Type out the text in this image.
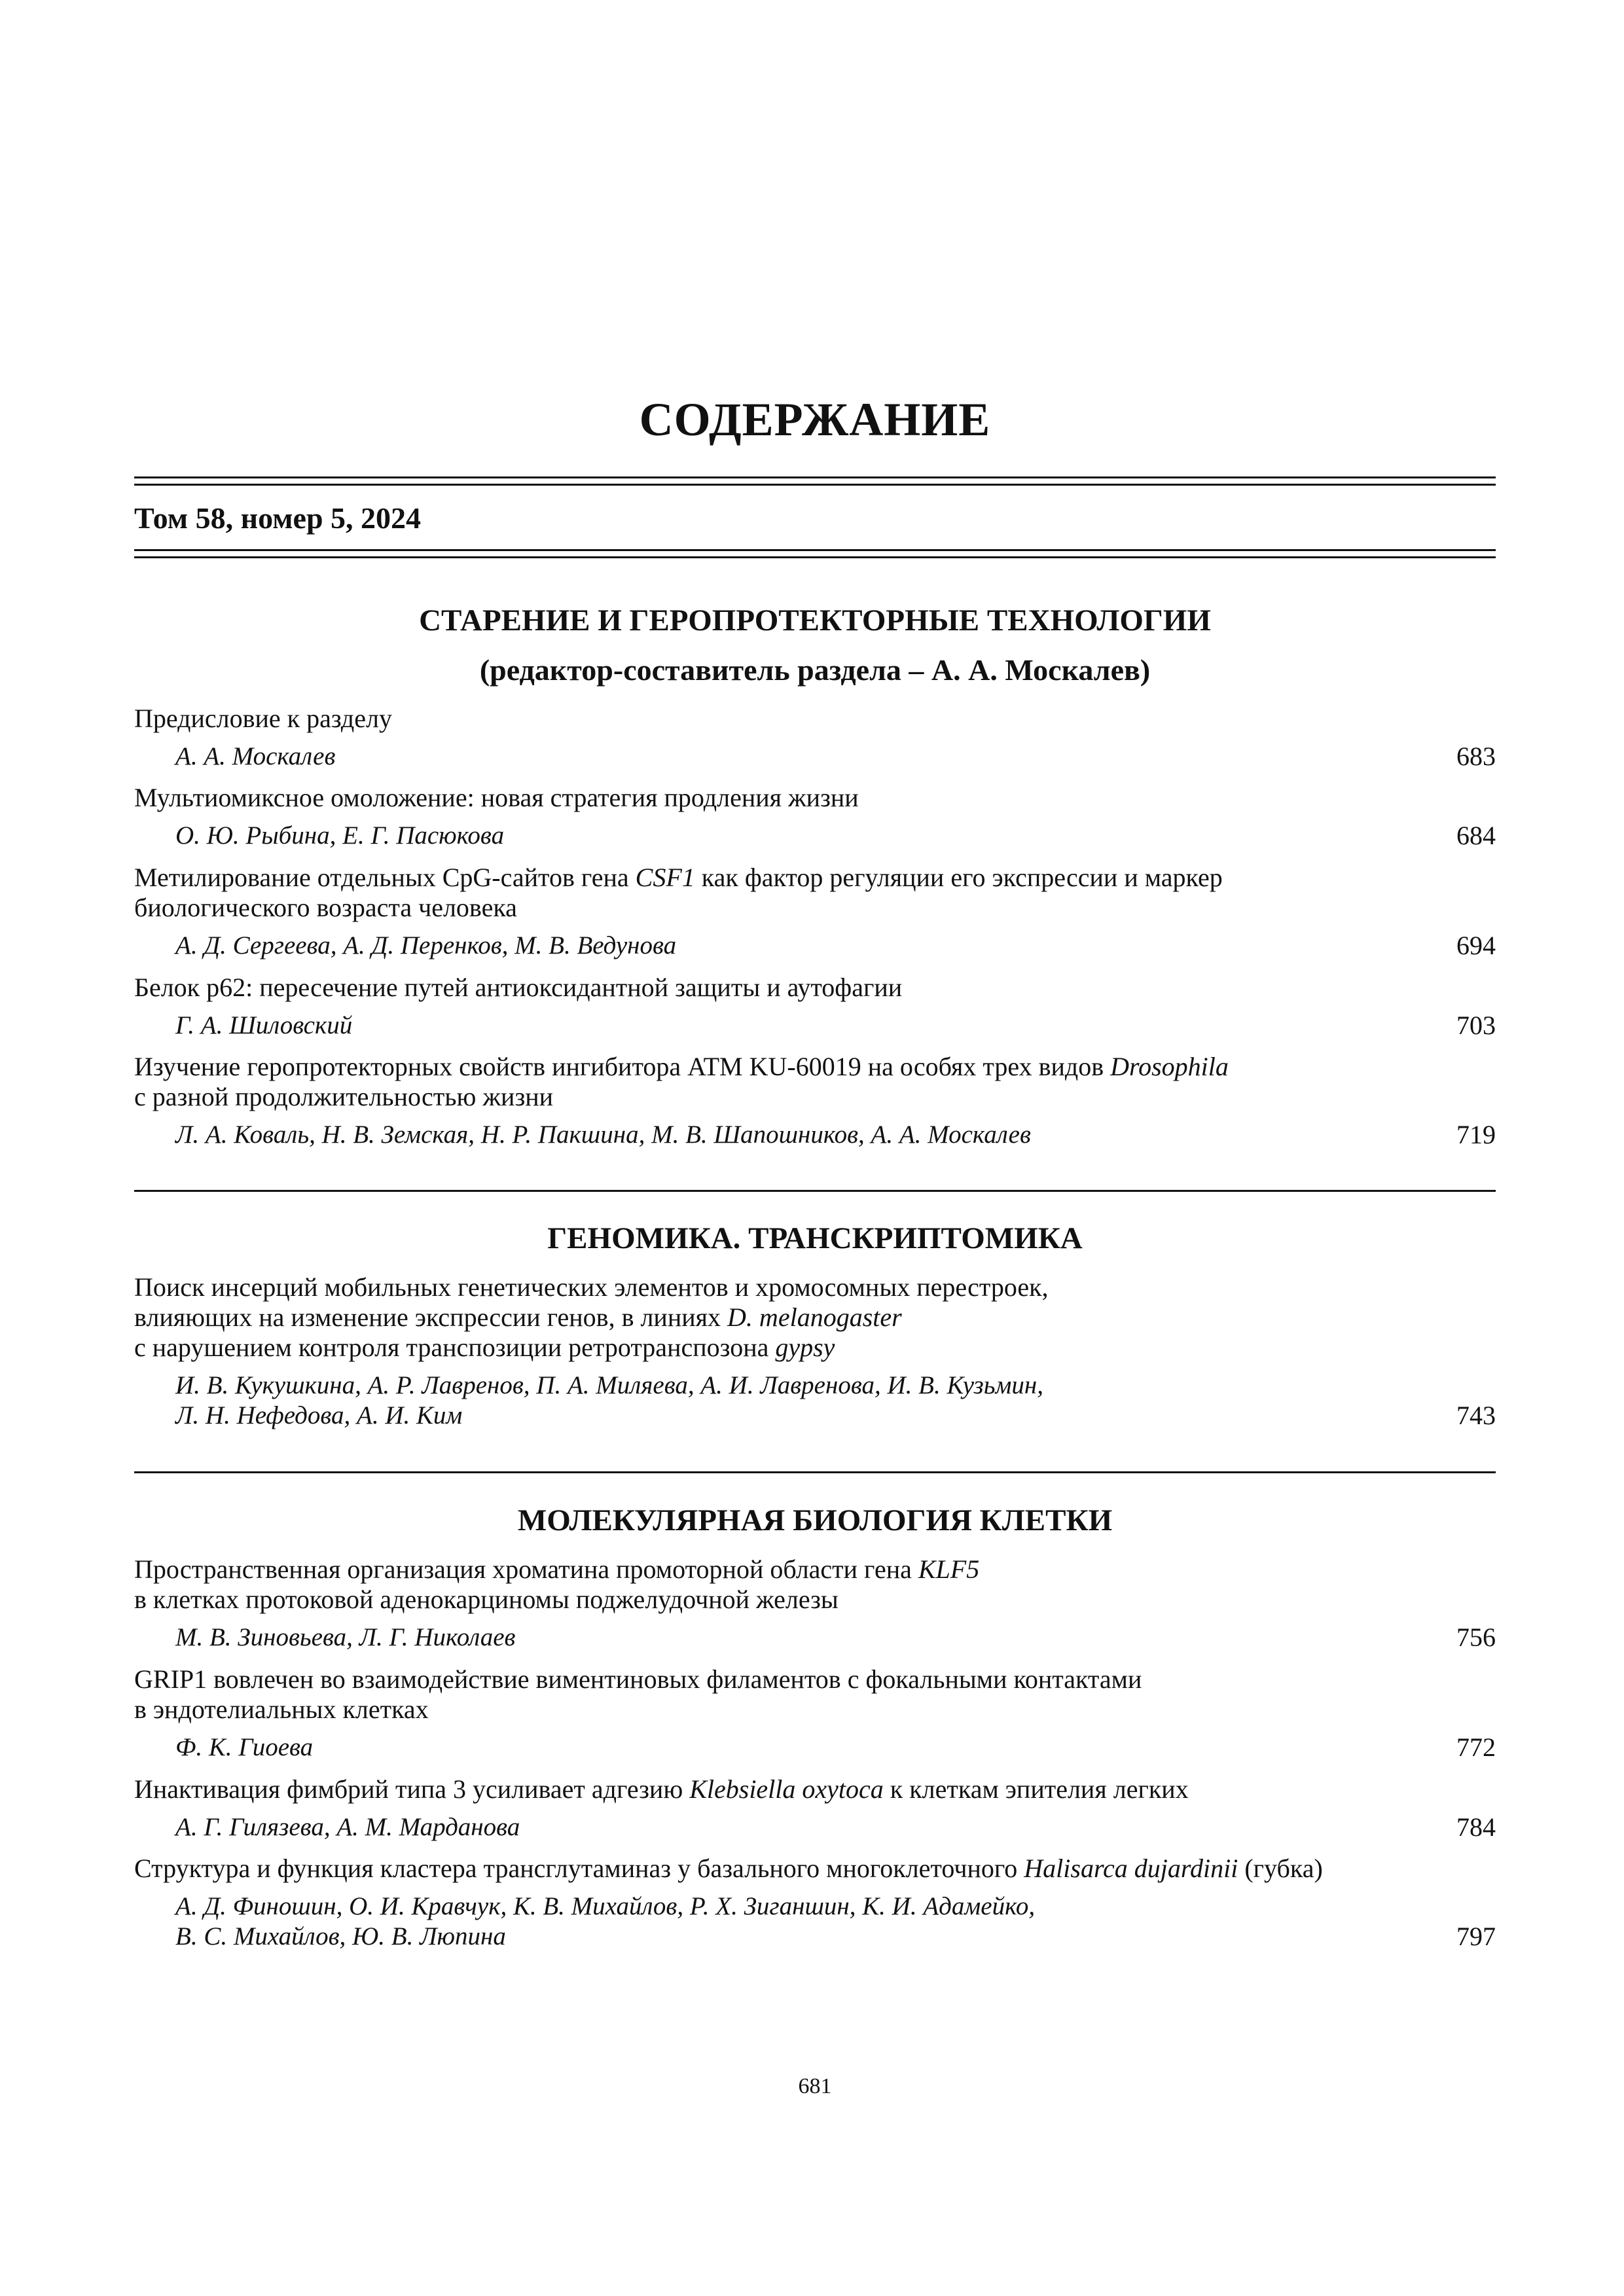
СОДЕРЖАНИЕ
Том 58, номер 5, 2024
СТАРЕНИЕ И ГЕРОПРОТЕКТОРНЫЕ ТЕХНОЛОГИИ
(редактор-составитель раздела – А. А. Москалев)
Предисловие к разделу
А. А. Москалев	683
Мультиомиксное омоложение: новая стратегия продления жизни
О. Ю. Рыбина, Е. Г. Пасюкова	684
Метилирование отдельных CpG-сайтов гена CSF1 как фактор регуляции его экспрессии и маркер
биологического возраста человека
А. Д. Сергеева, А. Д. Перенков, М. В. Ведунова	694
Белок p62: пересечение путей антиоксидантной защиты и аутофагии
Г. А. Шиловский	703
Изучение геропротекторных свойств ингибитора ATM KU-60019 на особях трех видов Drosophila
с разной продолжительностью жизни
Л. А. Коваль, Н. В. Земская, Н. Р. Пакшина, М. В. Шапошников, А. А. Москалев	719
ГЕНОМИКА. ТРАНСКРИПТОМИКА
Поиск инсерций мобильных генетических элементов и хромосомных перестроек,
влияющих на изменение экспрессии генов, в линиях D. melanogaster
с нарушением контроля транспозиции ретротранспозона gypsy
И. В. Кукушкина, А. Р. Лавренов, П. А. Миляева, А. И. Лавренова, И. В. Кузьмин,
Л. Н. Нефедова, А. И. Ким	743
МОЛЕКУЛЯРНАЯ БИОЛОГИЯ КЛЕТКИ
Пространственная организация хроматина промоторной области гена KLF5
в клетках протоковой аденокарциномы поджелудочной железы
М. В. Зиновьева, Л. Г. Николаев	756
GRIP1 вовлечен во взаимодействие виментиновых филаментов с фокальными контактами
в эндотелиальных клетках
Ф. К. Гиоева	772
Инактивация фимбрий типа 3 усиливает адгезию Klebsiella oxytoca к клеткам эпителия легких
А. Г. Гилязева, А. М. Марданова	784
Структура и функция кластера трансглутаминаз у базального многоклеточного Halisarca dujardinii (губка)
А. Д. Финошин, О. И. Кравчук, К. В. Михайлов, Р. Х. Зиганшин, К. И. Адамейко,
В. С. Михайлов, Ю. В. Люпина	797
681
